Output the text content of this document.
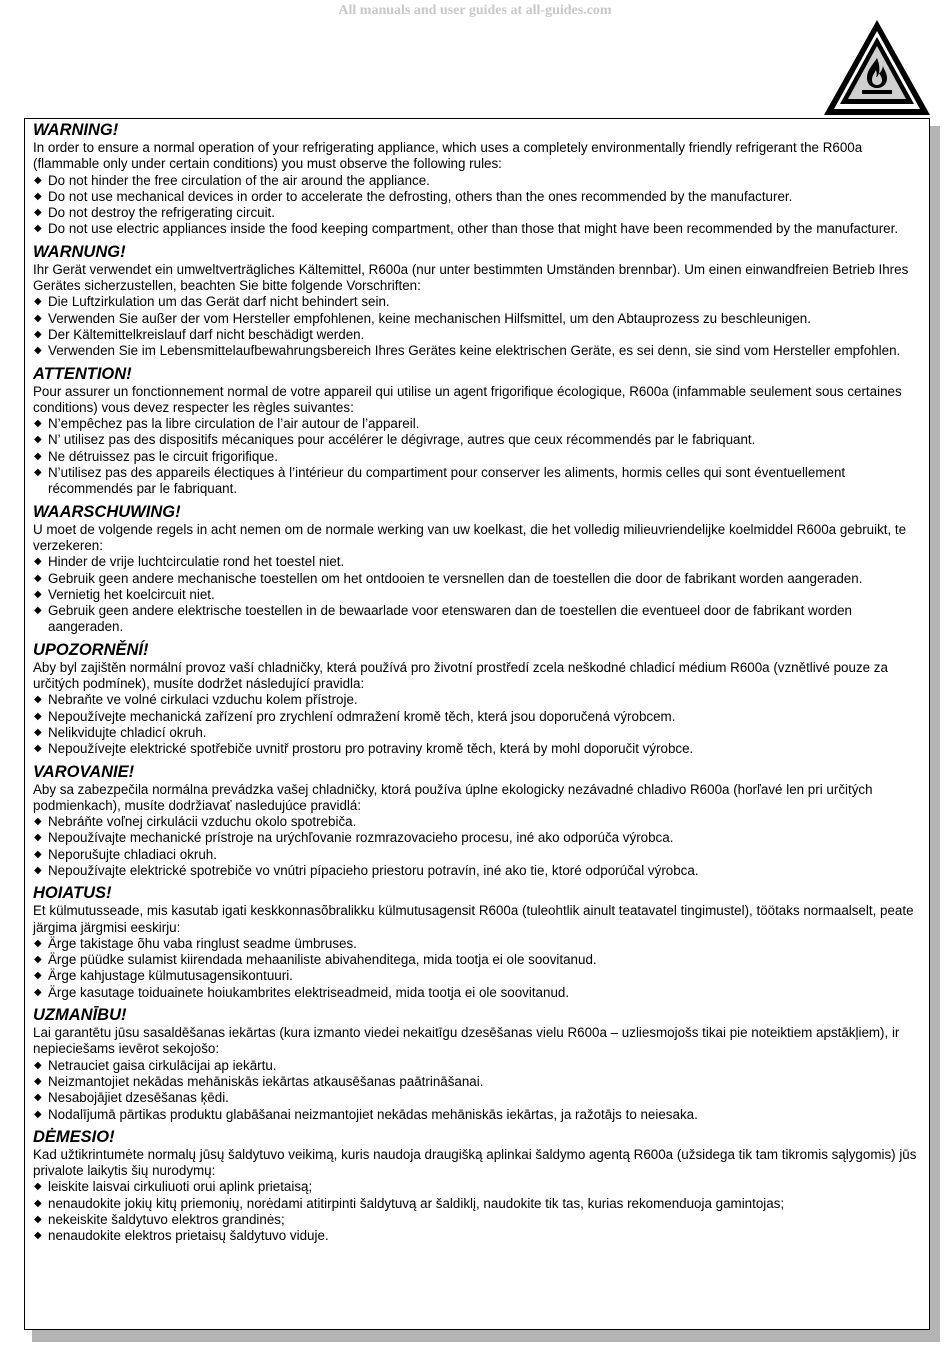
All manuals and user guides at all-guides.com
WARNING!
In order to ensure a normal operation of your refrigerating appliance, which uses a completely environmentally friendly refrigerant the R600a (flammable only under certain conditions) you must observe the following rules:
◆ Do not hinder the free circulation of the air around the appliance.
◆ Do not use mechanical devices in order to accelerate the defrosting, others than the ones recommended by the manufacturer.
◆ Do not destroy the refrigerating circuit.
◆ Do not use electric appliances inside the food keeping compartment, other than those that might have been recommended by the manufacturer.
WARNUNG!
Ihr Gerät verwendet ein umweltverträgliches Kältemittel, R600a (nur unter bestimmten Umständen brennbar). Um einen einwandfreien Betrieb Ihres Gerätes sicherzustellen, beachten Sie bitte folgende Vorschriften:
◆ Die Luftzirkulation um das Gerät darf nicht behindert sein.
◆ Verwenden Sie außer der vom Hersteller empfohlenen, keine mechanischen Hilfsmittel, um den Abtauprozess zu beschleunigen.
◆ Der Kältemittelkreislauf darf nicht beschädigt werden.
◆ Verwenden Sie im Lebensmittelaufbewahrungsbereich Ihres Gerätes keine elektrischen Geräte, es sei denn, sie sind vom Hersteller empfohlen.
ATTENTION!
Pour assurer un fonctionnement normal de votre appareil qui utilise un agent frigorifique écologique, R600a (infammable seulement sous certaines conditions) vous devez respecter les règles suivantes:
◆ N’empêchez pas la libre circulation de l’air autour de l’appareil.
◆ N’ utilisez pas des dispositifs mécaniques pour accélérer le dégivrage, autres que ceux récommendés par le fabriquant.
◆ Ne détruissez pas le circuit frigorifique.
◆ N’utilisez pas des appareils électiques à l’intérieur du compartiment pour conserver les aliments, hormis celles qui sont éventuellement récommendés par le fabriquant.
WAARSCHUWING!
U moet de volgende regels in acht nemen om de normale werking van uw koelkast, die het volledig milieuvriendelijke koelmiddel R600a gebruikt, te verzekeren:
◆ Hinder de vrije luchtcirculatie rond het toestel niet.
◆ Gebruik geen andere mechanische toestellen om het ontdooien te versnellen dan de toestellen die door de fabrikant worden aangeraden.
◆ Vernietig het koelcircuit niet.
◆ Gebruik geen andere elektrische toestellen in de bewaarlade voor etenswaren dan de toestellen die eventueel door de fabrikant worden aangeraden.
UPOZORNĚNÍ!
Aby byl zajištěn normální provoz vaší chladničky, která používá pro životní prostředí zcela neškodné chladicí médium R600a (vznětlivé pouze za určitých podmínek), musíte dodržet následující pravidla:
◆ Nebraňte ve volné cirkulaci vzduchu kolem přístroje.
◆ Nepoužívejte mechanická zařízení pro zrychlení odmražení kromě těch, která jsou doporučená výrobcem.
◆ Nelikvidujte chladicí okruh.
◆ Nepoužívejte elektrické spotřebiče uvnitř prostoru pro potraviny kromě těch, která by mohl doporučit výrobce.
VAROVANIE!
Aby sa zabezpečila normálna prevádzka vašej chladničky, ktorá používa úplne ekologicky nezávadné chladivo R600a (horľavé len pri určitých podmienkach), musíte dodržiavať nasledujúce pravidlá:
◆ Nebráňte voľnej cirkulácii vzduchu okolo spotrebiča.
◆ Nepoužívajte mechanické prístroje na urýchľovanie rozmrazovacieho procesu, iné ako odporúča výrobca.
◆ Neporušujte chladiaci okruh.
◆ Nepoužívajte elektrické spotrebiče vo vnútri pípacieho priestoru potravín, iné ako tie, ktoré odporúčal výrobca.
HOIATUS!
Et külmutusseade, mis kasutab igati keskkonnasõbralikku külmutusagensit R600a (tuleohtlik ainult teatavatel tingimustel), töötaks normaalselt, peate järgima järgmisi eeskirju:
◆ Ärge takistage õhu vaba ringlust seadme ümbruses.
◆ Ärge püüdke sulamist kiirendada mehaaniliste abivahenditega, mida tootja ei ole soovitanud.
◆ Ärge kahjustage külmutusagensikontuuri.
◆ Ärge kasutage toiduainete hoiukambrites elektriseadmeid, mida tootja ei ole soovitanud.
UZMANĪBU!
Lai garantētu jūsu sasaldēšanas iekārtas (kura izmanto viedei nekaitīgu dzesēšanas vielu R600a – uzliesmojošs tikai pie noteiktiem apstākļiem), ir nepieciešams ievērot sekojošo:
◆ Netrauciet gaisa cirkulācijai ap iekārtu.
◆ Neizmantojiet nekādas mehāniskās iekārtas atkausēšanas paātrināšanai.
◆ Nesabojājiet dzesēšanas ķēdi.
◆ Nodalījumā pārtikas produktu glabāšanai neizmantojiet nekādas mehāniskās iekārtas, ja ražotājs to neiesaka.
DĖMESIO!
Kad užtikrintumėte normalų jūsų šaldytuvo veikimą, kuris naudoja draugišką aplinkai šaldymo agentą R600a (užsidega tik tam tikromis sąlygomis) jūs privalote laikytis šių nurodymų:
◆ leiskite laisvai cirkuliuoti orui aplink prietaisą;
◆ nenaudokite jokių kitų priemonių, norėdami atitirpinti šaldytuvą ar šaldiklį, naudokite tik tas, kurias rekomenduoja gamintojas;
◆ nekeiskite šaldytuvo elektros grandinės;
◆ nenaudokite elektros prietaisų šaldytuvo viduje.
